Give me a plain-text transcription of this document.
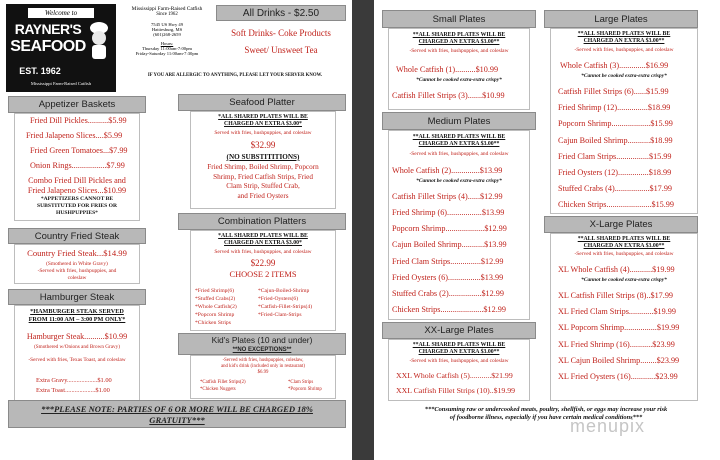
Welcome to
RAYNER'S
SEAFOOD
EST. 1962
Mississippi Farm-Raised Catfish
Mississippi Farm-Raised Catfish
Since 1962
7545 US Hwy 49
Hattiesburg, MS
(601)268-2659
Hours:
Thursday 11:00am-7:00pm
Friday-Saturday 11:00am-7:30pm
All Drinks - $2.50
Soft Drinks- Coke Products
Sweet/ Unsweet Tea
IF YOU ARE ALLERGIC TO ANYTHING, PLEASE LET YOUR SERVER KNOW.
Appetizer Baskets
Fried Dill Pickles..........$5.99
Fried Jalapeno Slices....$5.99
Fried Green Tomatoes...$7.99
Onion Rings.................$7.99
Combo Fried Dill Pickles and
Fried Jalapeno Slices...$10.99
*APPETIZERS CANNOT BE
SUBSTITUTED FOR FRIES OR
HUSHPUPPIES*
Country Fried Steak
Country Fried Steak...$14.99
(Smothered in White Gravy)
-Served with fries, hushpuppies, and
coleslaw
Hamburger Steak
*HAMBURGER STEAK SERVED
FROM 11:00 AM – 3:00 PM ONLY*
Hamburger Steak..........$10.99
(Smothered w/Onions and Brown Gravy)
-Served with fries, Texas Toast, and coleslaw
Extra Gravy...................$1.00
Extra Toast...................$1.00
Seafood Platter
*ALL SHARED PLATES WILL BE
CHARGED AN EXTRA $3.00*
Served with fries, hushpuppies, and coleslaw
$32.99
(NO SUBSTITITIONS)
Fried Shrimp, Boiled Shrimp, Popcorn
Shrimp, Fried Catfish Strips, Fried
Clam Strip, Stuffed Crab,
and Fried Oysters
Combination Platters
*ALL SHARED PLATES WILL BE
CHARGED AN EXTRA $3.00*
Served with fries, hushpuppies, and coleslaw
$22.99
CHOOSE 2 ITEMS
*Fried Shrimp(6)
*Stuffed Crabs(2)
*Whole Catfish(2)
*Popcorn Shrimp
*Chicken Strips
*Cajun-Boiled-Shrimp
*Fried-Oysters(6)
*Catfish-Fillet-Strips(4)
*Fried-Clam-Strips
Kid's Plates (10 and under)
**NO EXCEPTIONS**
-Served with fries, hushpuppies, coleslaw,
and kid's drink (included only in restaurant)
$6.99
*Catfish Fillet Strips(2)
*Chicken Nuggets
*Clam Strips
*Popcorn Shrimp
***PLEASE NOTE: PARTIES OF 6 OR MORE WILL BE CHARGED 18%
GRATUITY***
Small Plates
**ALL SHARED PLATES WILL BE
CHARGED AN EXTRA $3.00**
-Served with fries, hushpuppies, and coleslaw
Whole Catfish (1)..........$10.99
*Cannot be cooked extra-extra crispy*
Catfish Fillet Strips (3).......$10.99
Medium Plates
**ALL SHARED PLATES WILL BE
CHARGED AN EXTRA $3.00**
-Served with fries, hushpuppies, and coleslaw
Whole Catfish (2)..............$13.99
*Cannot be cooked extra-extra crispy*
Catfish Fillet Strips (4)......$12.99
Fried Shrimp (6).................$13.99
Popcorn Shrimp...................$12.99
Cajun Boiled Shrimp...........$13.99
Fried Clam Strips...............$12.99
Fried Oysters (6)................$13.99
Stuffed Crabs (2)................$12.99
Chicken Strips.....................$12.99
XX-Large Plates
**ALL SHARED PLATES WILL BE
CHARGED AN EXTRA $3.00**
-Served with fries, hushpuppies, and coleslaw
XXL Whole Catfish (5)...........$21.99
XXL Catfish Fillet Strips (10)..$19.99
Large Plates
**ALL SHARED PLATES WILL BE
CHARGED AN EXTRA $3.00**
-Served with fries, hushpuppies, and coleslaw
Whole Catfish (3).............$16.99
*Cannot be cooked extra-extra crispy*
Catfish Fillet Strips (6)......$15.99
Fried Shrimp (12)...............$18.99
Popcorn Shrimp...................$15.99
Cajun Boiled Shrimp...........$18.99
Fried Clam Strips................$15.99
Fried Oysters (12)...............$18.99
Stuffed Crabs (4).................$17.99
Chicken Strips......................$15.99
X-Large Plates
**ALL SHARED PLATES WILL BE
CHARGED AN EXTRA $3.00**
-Served with fries, hushpuppies, and coleslaw
XL Whole Catfish (4)...........$19.99
*Cannot be cooked extra-extra crispy*
XL Catfish Fillet Strips (8)..$17.99
XL Fried Clam Strips............$19.99
XL Popcorn Shrimp................$19.99
XL Fried Shrimp (16)...........$23.99
XL Cajun Boiled Shrimp........$23.99
XL Fried Oysters (16)............$23.99
***Consuming raw or undercooked meats, poultry, shellfish, or eggs may increase your risk
of foodborne illness, especially if you have certain medical conditions***
menupix
